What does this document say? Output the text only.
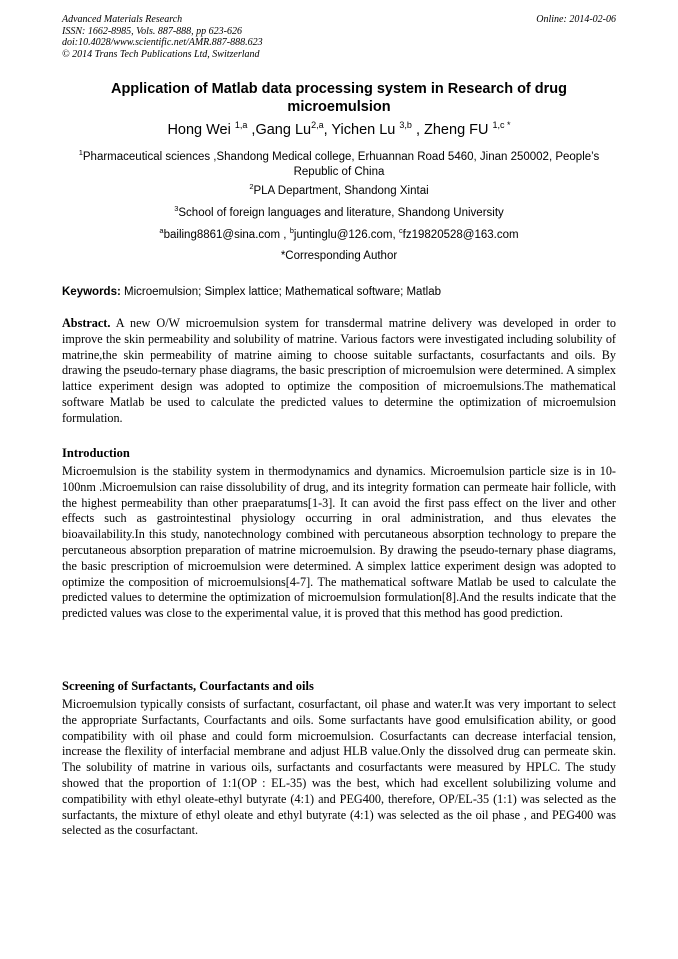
Advanced Materials Research
ISSN: 1662-8985, Vols. 887-888, pp 623-626
doi:10.4028/www.scientific.net/AMR.887-888.623
© 2014 Trans Tech Publications Ltd, Switzerland
Online: 2014-02-06
Application of Matlab data processing system in Research of drug microemulsion
Hong Wei $^{1,a}$ ,Gang Lu$^{2,a}$, Yichen Lu $^{3,b}$ , Zheng FU $^{1,c *}$
$^1$Pharmaceutical sciences ,Shandong Medical college, Erhuannan Road 5460, Jinan 250002, People’s Republic of China
$^2$PLA Department, Shandong Xintai
$^3$School of foreign languages and literature, Shandong University
$^a$bailing8861@sina.com , $^b$juntinglu@126.com, $^c$fz19820528@163.com
*Corresponding Author
Keywords: Microemulsion; Simplex lattice; Mathematical software; Matlab
Abstract. A new O/W microemulsion system for transdermal matrine delivery was developed in order to improve the skin permeability and solubility of matrine. Various factors were investigated including solubility of matrine,the skin permeability of matrine aiming to choose suitable surfactants, cosurfactants and oils. By drawing the pseudo-ternary phase diagrams, the basic prescription of microemulsion were determined. A simplex lattice experiment design was adopted to optimize the composition of microemulsions.The mathematical software Matlab be used to calculate the predicted values to determine the optimization of microemulsion formulation.
Introduction
Microemulsion is the stability system in thermodynamics and dynamics. Microemulsion particle size is in 10-100nm .Microemulsion can raise dissolubility of drug, and its integrity formation can permeate hair follicle, with the highest permeability than other praeparatums[1-3]. It can avoid the first pass effect on the liver and other effects such as gastrointestinal physiology occurring in oral administration, and thus elevates the bioavailability.In this study, nanotechnology combined with percutaneous absorption technology to prepare the percutaneous absorption preparation of matrine microemulsion. By drawing the pseudo-ternary phase diagrams, the basic prescription of microemulsion were determined. A simplex lattice experiment design was adopted to optimize the composition of microemulsions[4-7]. The mathematical software Matlab be used to calculate the predicted values to determine the optimization of microemulsion formulation[8].And the results indicate that the predicted values was close to the experimental value, it is proved that this method has good prediction.
Screening of Surfactants, Courfactants and oils
Microemulsion typically consists of surfactant, cosurfactant, oil phase and water.It was very important to select the appropriate Surfactants, Courfactants and oils. Some surfactants have good emulsification ability, or good compatibility with oil phase and could form microemulsion. Cosurfactants can decrease interfacial tension, increase the flexility of interfacial membrane and adjust HLB value.Only the dissolved drug can permeate skin. The solubility of matrine in various oils, surfactants and cosurfactants were measured by HPLC. The study showed that the proportion of 1:1(OP : EL-35) was the best, which had excellent solubilizing volume and compatibility with ethyl oleate-ethyl butyrate (4:1) and PEG400, therefore, OP/EL-35 (1:1) was selected as the surfactants, the mixture of ethyl oleate and ethyl butyrate (4:1) was selected as the oil phase , and PEG400 was selected as the cosurfactant.
